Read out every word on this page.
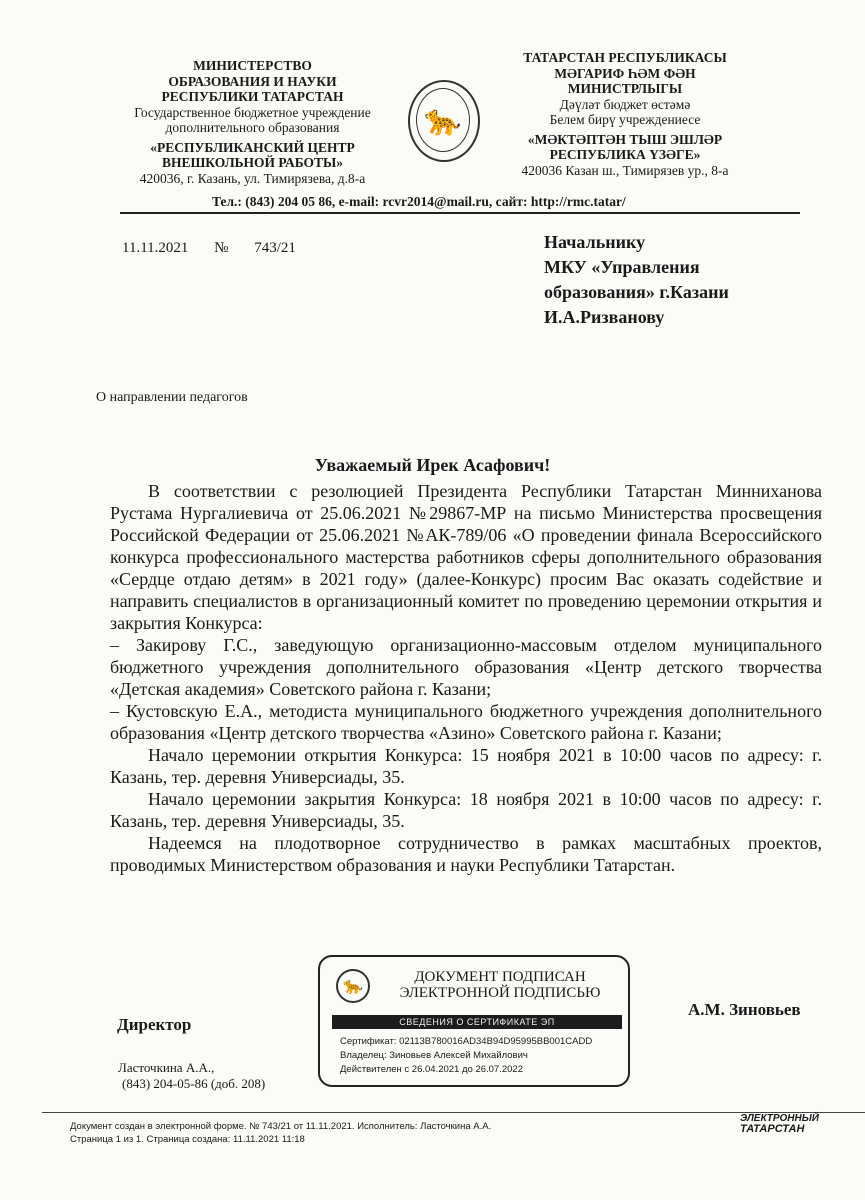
МИНИСТЕРСТВО
ОБРАЗОВАНИЯ И НАУКИ
РЕСПУБЛИКИ ТАТАРСТАН
Государственное бюджетное учреждение
дополнительного образования
«РЕСПУБЛИКАНСКИЙ ЦЕНТР
ВНЕШКОЛЬНОЙ РАБОТЫ»
420036, г. Казань, ул. Тимирязева, д.8-а
🐆
ТАТАРСТАН РЕСПУБЛИКАСЫ
МӘГАРИФ ҺӘМ ФӘН
МИНИСТРЛЫГЫ
Дәүләт бюджет өстәмә
Белем бирү учреждениесе
«МӘКТӘПТӘН ТЫШ ЭШЛӘР
РЕСПУБЛИКА ҮЗӘГЕ»
420036 Казан ш., Тимирязев ур., 8-а
Тел.: (843) 204 05 86, e-mail: rcvr2014@mail.ru, сайт: http://rmc.tatar/
11.11.2021 № 743/21	Начальнику
МКУ «Управления
образования» г.Казани
И.А.Ризванову
О направлении педагогов
Уважаемый Ирек Асафович!

В соответствии с резолюцией Президента Республики Татарстан Минниханова Рустама Нургалиевича от 25.06.2021 №29867-МР на письмо Министерства просвещения Российской Федерации от 25.06.2021 №АК-789/06 «О проведении финала Всероссийского конкурса профессионального мастерства работников сферы дополнительного образования «Сердце отдаю детям» в 2021 году» (далее-Конкурс) просим Вас оказать содействие и направить специалистов в организационный комитет по проведению церемонии открытия и закрытия Конкурса:

– Закирову Г.С., заведующую организационно-массовым отделом муниципального бюджетного учреждения дополнительного образования «Центр детского творчества «Детская академия» Советского района г. Казани;

– Кустовскую Е.А., методиста муниципального бюджетного учреждения дополнительного образования «Центр детского творчества «Азино» Советского района г. Казани;

Начало церемонии открытия Конкурса: 15 ноября 2021 в 10:00 часов по адресу: г. Казань, тер. деревня Универсиады, 35.

Начало церемонии закрытия Конкурса: 18 ноября 2021 в 10:00 часов по адресу: г. Казань, тер. деревня Универсиады, 35.

Надеемся на плодотворное сотрудничество в рамках масштабных проектов, проводимых Министерством образования и науки Республики Татарстан.

Директор
А.М. Зиновьев
🐆
ДОКУМЕНТ ПОДПИСАН
ЭЛЕКТРОННОЙ ПОДПИСЬЮ
СВЕДЕНИЯ О СЕРТИФИКАТЕ ЭП
Сертификат: 02113B780016AD34B94D95995BB001CADD
Владелец: Зиновьев Алексей Михайлович
Действителен с 26.04.2021 до 26.07.2022
Ласточкина А.А.,
(843) 204-05-86 (доб. 208)
Документ создан в электронной форме. № 743/21 от 11.11.2021. Исполнитель: Ласточкина А.А.
Страница 1 из 1. Страница создана: 11.11.2021 11:18
ЭЛЕКТРОННЫЙ
ТАТАРСТАН
